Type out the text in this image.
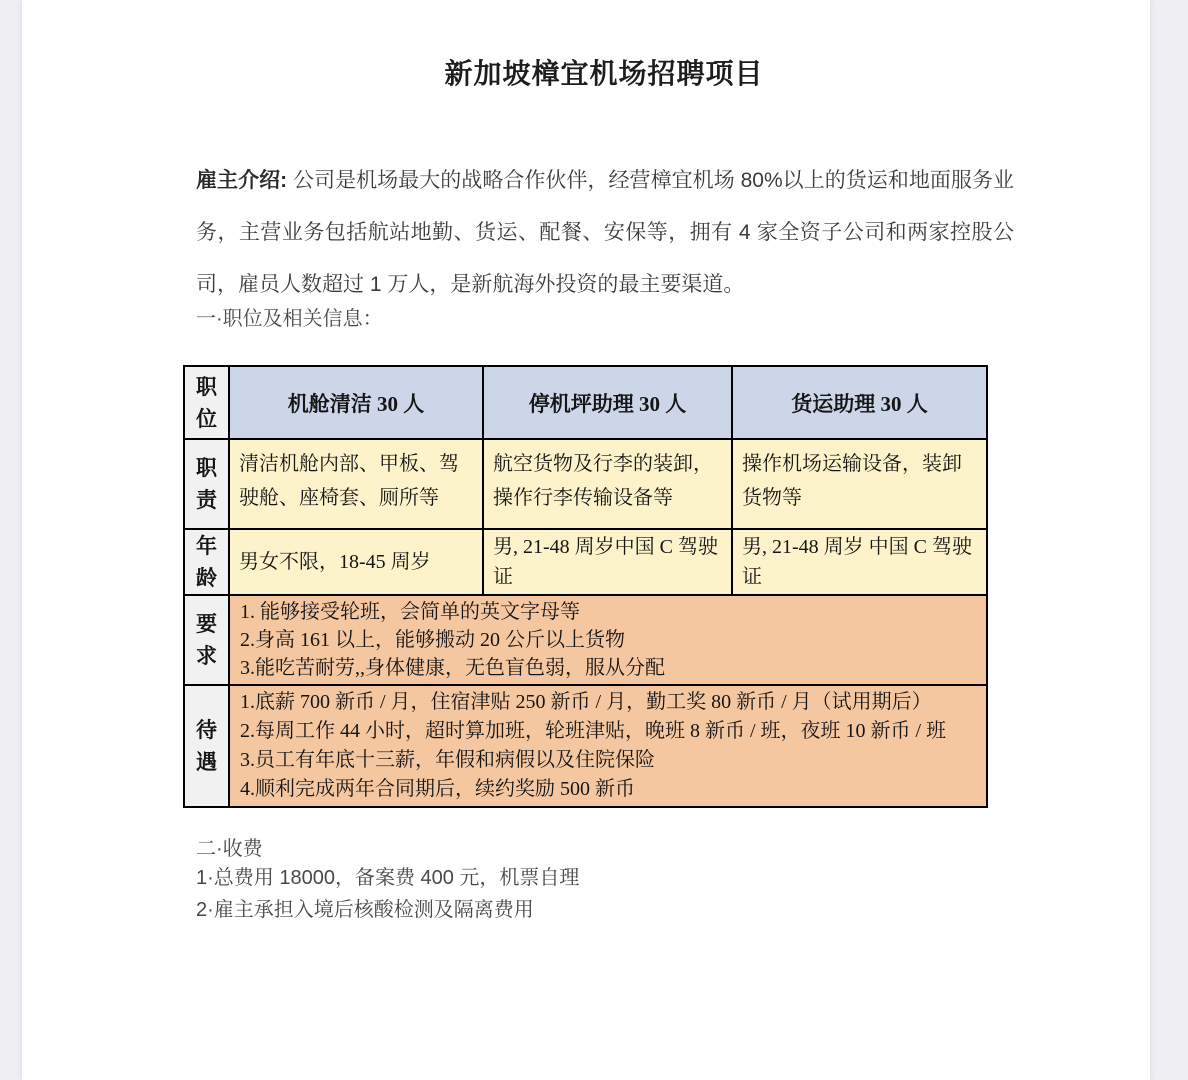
新加坡樟宜机场招聘项目

雇主介绍: 公司是机场最大的战略合作伙伴，经营樟宜机场 80%以上的货运和地面服务业务，主营业务包括航站地勤、货运、配餐、安保等，拥有 4 家全资子公司和两家控股公司，雇员人数超过 1 万人，是新航海外投资的最主要渠道。

一·职位及相关信息：
职位	机舱清洁 30 人	停机坪助理 30 人	货运助理 30 人
职责	清洁机舱内部、甲板、驾驶舱、座椅套、厕所等	航空货物及行李的装卸，操作行李传输设备等	操作机场运输设备，装卸货物等
年龄	男女不限，18-45 周岁	男, 21-48 周岁中国 C 驾驶证	男, 21-48 周岁 中国 C 驾驶证
要求	1. 能够接受轮班，会简单的英文字母等
2.身高 161 以上，能够搬动 20 公斤以上货物
3.能吃苦耐劳,,身体健康，无色盲色弱，服从分配		

待遇	1.底薪 700 新币 / 月，住宿津贴 250 新币 / 月，勤工奖 80 新币 / 月（试用期后）
2.每周工作 44 小时，超时算加班，轮班津贴，晚班 8 新币 / 班，夜班 10 新币 / 班
3.员工有年底十三薪，年假和病假以及住院保险
4.顺利完成两年合同期后，续约奖励 500 新币		
二·收费
1·总费用 18000，备案费 400 元，机票自理
2·雇主承担入境后核酸检测及隔离费用
